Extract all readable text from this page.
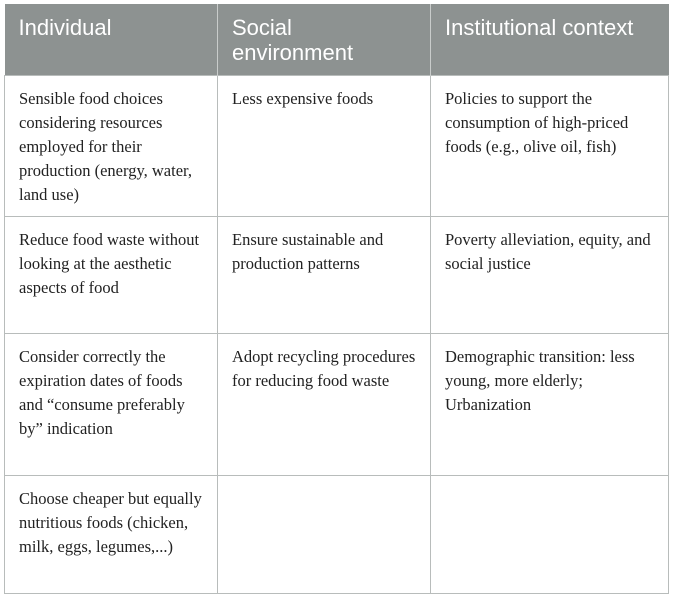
Individual	Social environment	Institutional context
Sensible food choices considering resources employed for their production (energy, water, land use)	Less expensive foods	Policies to support the consumption of high-priced foods (e.g., olive oil, fish)
Reduce food waste without looking at the aesthetic aspects of food	Ensure sustainable and production patterns	Poverty alleviation, equity, and social justice
Consider correctly the expiration dates of foods and “consume preferably by” indication	Adopt recycling procedures for reducing food waste	Demographic transition: less young, more elderly; Urbanization
Choose cheaper but equally nutritious foods (chicken, milk, eggs, legumes,...)		
